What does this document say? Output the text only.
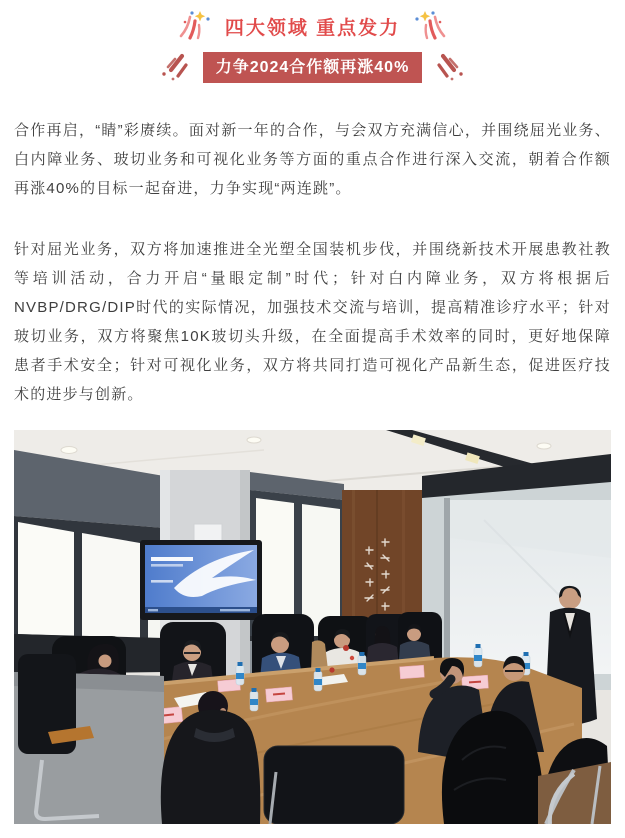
四大领域 重点发力
力争2024合作额再涨40%

合作再启，“睛”彩赓续。面对新一年的合作，与会双方充满信心，并围绕屈光业务、白内障业务、玻切业务和可视化业务等方面的重点合作进行深入交流，朝着合作额再涨40%的目标一起奋进，力争实现“两连跳”。

针对屈光业务，双方将加速推进全光塑全国装机步伐，并围绕新技术开展患教社教等培训活动，合力开启“量眼定制”时代；针对白内障业务，双方将根据后NVBP/DRG/DIP时代的实际情况，加强技术交流与培训，提高精准诊疗水平；针对玻切业务，双方将聚焦10K玻切头升级，在全面提高手术效率的同时，更好地保障患者手术安全；针对可视化业务，双方将共同打造可视化产品新生态，促进医疗技术的进步与创新。
